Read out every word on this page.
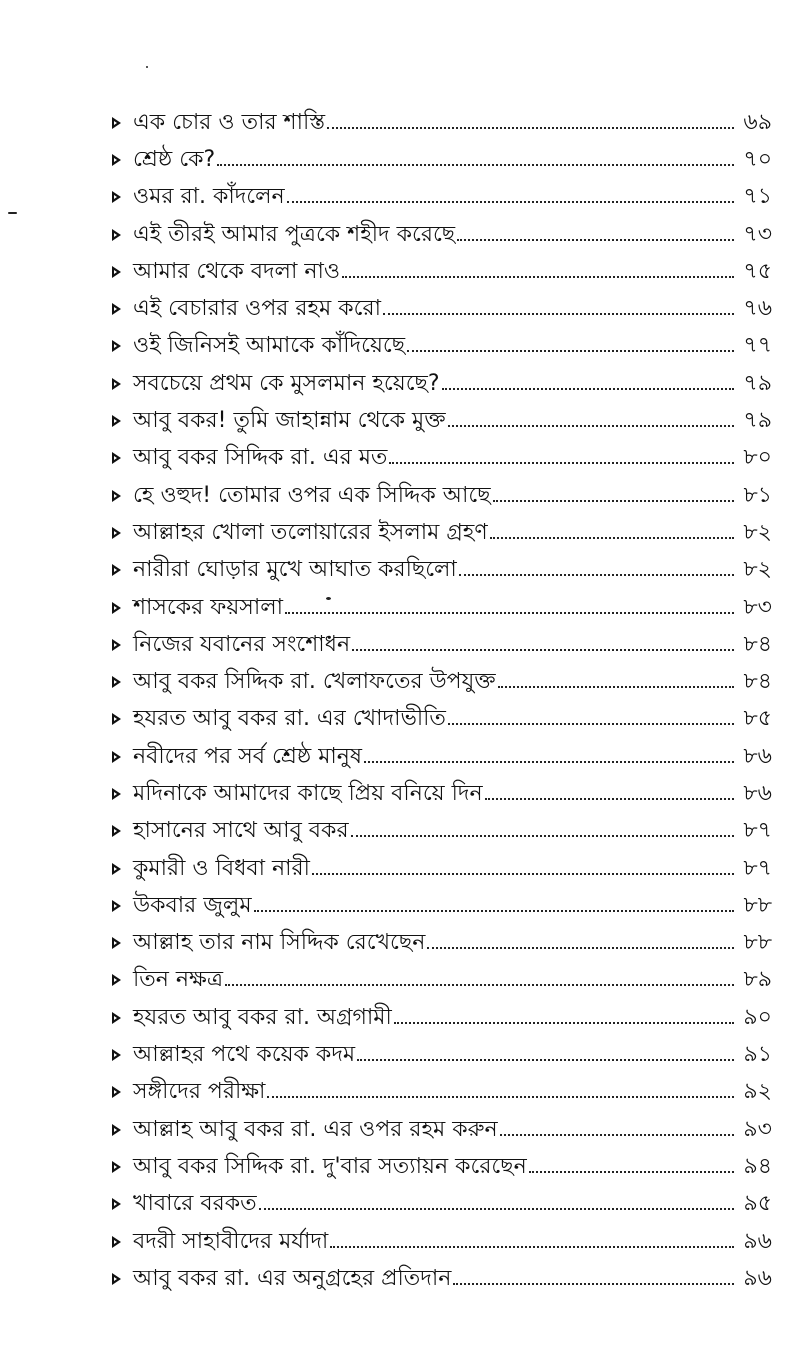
এক চোর ও তার শাস্তি	৬৯
শ্রেষ্ঠ কে?	৭০
ওমর রা. কাঁদলেন	৭১
এই তীরই আমার পুত্রকে শহীদ করেছে	৭৩
আমার থেকে বদলা নাও	৭৫
এই বেচারার ওপর রহম করো	৭৬
ওই জিনিসই আমাকে কাঁদিয়েছে	৭৭
সবচেয়ে প্রথম কে মুসলমান হয়েছে?	৭৯
আবু বকর! তুমি জাহান্নাম থেকে মুক্ত	৭৯
আবু বকর সিদ্দিক রা. এর মত	৮০
হে ওহুদ! তোমার ওপর এক সিদ্দিক আছে	৮১
আল্লাহর খোলা তলোয়ারের ইসলাম গ্রহণ	৮২
নারীরা ঘোড়ার মুখে আঘাত করছিলো	৮২
শাসকের ফয়সালা	৮৩
নিজের যবানের সংশোধন	৮৪
আবু বকর সিদ্দিক রা. খেলাফতের উপযুক্ত	৮৪
হযরত আবু বকর রা. এর খোদাভীতি	৮৫
নবীদের পর সর্ব শ্রেষ্ঠ মানুষ	৮৬
মদিনাকে আমাদের কাছে প্রিয় বনিয়ে দিন	৮৬
হাসানের সাথে আবু বকর	৮৭
কুমারী ও বিধবা নারী	৮৭
উকবার জুলুম	৮৮
আল্লাহ তার নাম সিদ্দিক রেখেছেন	৮৮
তিন নক্ষত্র	৮৯
হযরত আবু বকর রা. অগ্রগামী	৯০
আল্লাহর পথে কয়েক কদম	৯১
সঙ্গীদের পরীক্ষা	৯২
আল্লাহ আবু বকর রা. এর ওপর রহম করুন	৯৩
আবু বকর সিদ্দিক রা. দু'বার সত্যায়ন করেছেন	৯৪
খাবারে বরকত	৯৫
বদরী সাহাবীদের মর্যাদা	৯৬
আবু বকর রা. এর অনুগ্রহের প্রতিদান	৯৬
